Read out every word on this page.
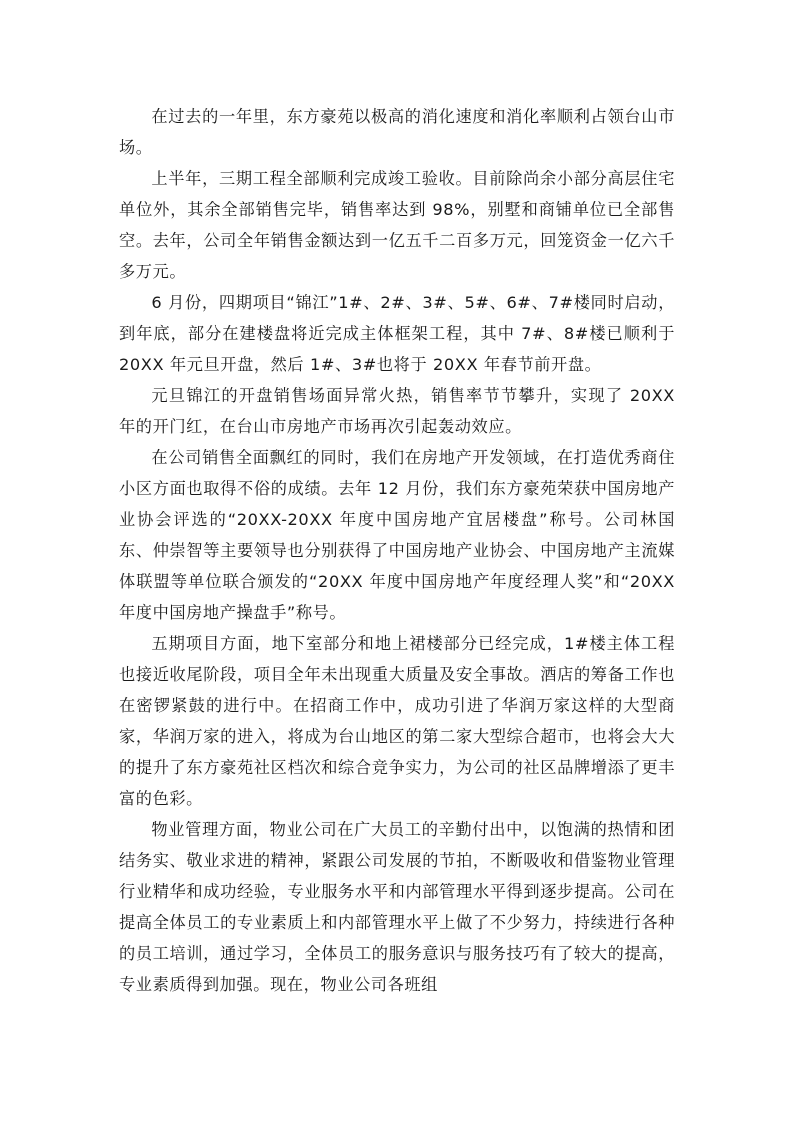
在过去的一年里，东方豪苑以极高的消化速度和消化率顺利占领台山市场。

上半年，三期工程全部顺利完成竣工验收。目前除尚余小部分高层住宅单位外，其余全部销售完毕，销售率达到 98%，别墅和商铺单位已全部售空。去年，公司全年销售金额达到一亿五千二百多万元，回笼资金一亿六千多万元。

6 月份，四期项目“锦江”1#、2#、3#、5#、6#、7#楼同时启动，到年底，部分在建楼盘将近完成主体框架工程，其中 7#、8#楼已顺利于 20XX 年元旦开盘，然后 1#、3#也将于 20XX 年春节前开盘。

元旦锦江的开盘销售场面异常火热，销售率节节攀升，实现了 20XX 年的开门红，在台山市房地产市场再次引起轰动效应。

在公司销售全面飘红的同时，我们在房地产开发领域，在打造优秀商住小区方面也取得不俗的成绩。去年 12 月份，我们东方豪苑荣获中国房地产业协会评选的“20XX-20XX 年度中国房地产宜居楼盘”称号。公司林国东、仲崇智等主要领导也分别获得了中国房地产业协会、中国房地产主流媒体联盟等单位联合颁发的“20XX 年度中国房地产年度经理人奖”和“20XX 年度中国房地产操盘手”称号。

五期项目方面，地下室部分和地上裙楼部分已经完成，1#楼主体工程也接近收尾阶段，项目全年未出现重大质量及安全事故。酒店的筹备工作也在密锣紧鼓的进行中。在招商工作中，成功引进了华润万家这样的大型商家，华润万家的进入，将成为台山地区的第二家大型综合超市，也将会大大的提升了东方豪苑社区档次和综合竞争实力，为公司的社区品牌增添了更丰富的色彩。

物业管理方面，物业公司在广大员工的辛勤付出中，以饱满的热情和团结务实、敬业求进的精神，紧跟公司发展的节拍，不断吸收和借鉴物业管理行业精华和成功经验，专业服务水平和内部管理水平得到逐步提高。公司在提高全体员工的专业素质上和内部管理水平上做了不少努力，持续进行各种的员工培训，通过学习，全体员工的服务意识与服务技巧有了较大的提高，专业素质得到加强。现在，物业公司各班组
